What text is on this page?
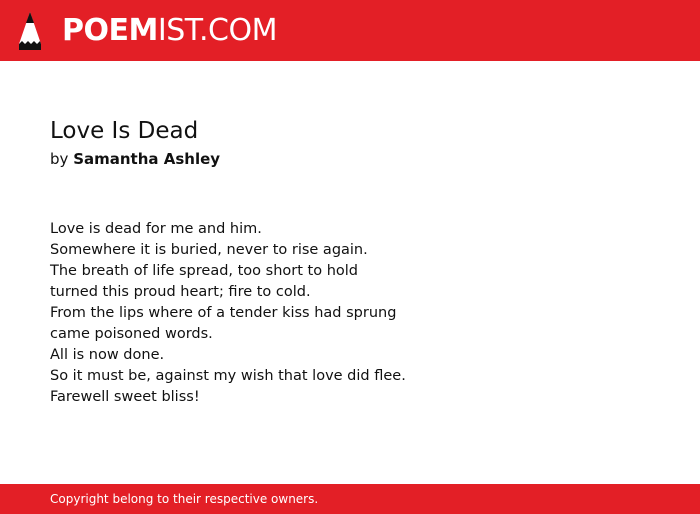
POEMIST.COM
Love Is Dead
by Samantha Ashley
Love is dead for me and him.
Somewhere it is buried, never to rise again.
The breath of life spread, too short to hold
turned this proud heart; fire to cold.
From the lips where of a tender kiss had sprung
came poisoned words.
All is now done.
So it must be, against my wish that love did flee.
Farewell sweet bliss!
Copyright belong to their respective owners.
